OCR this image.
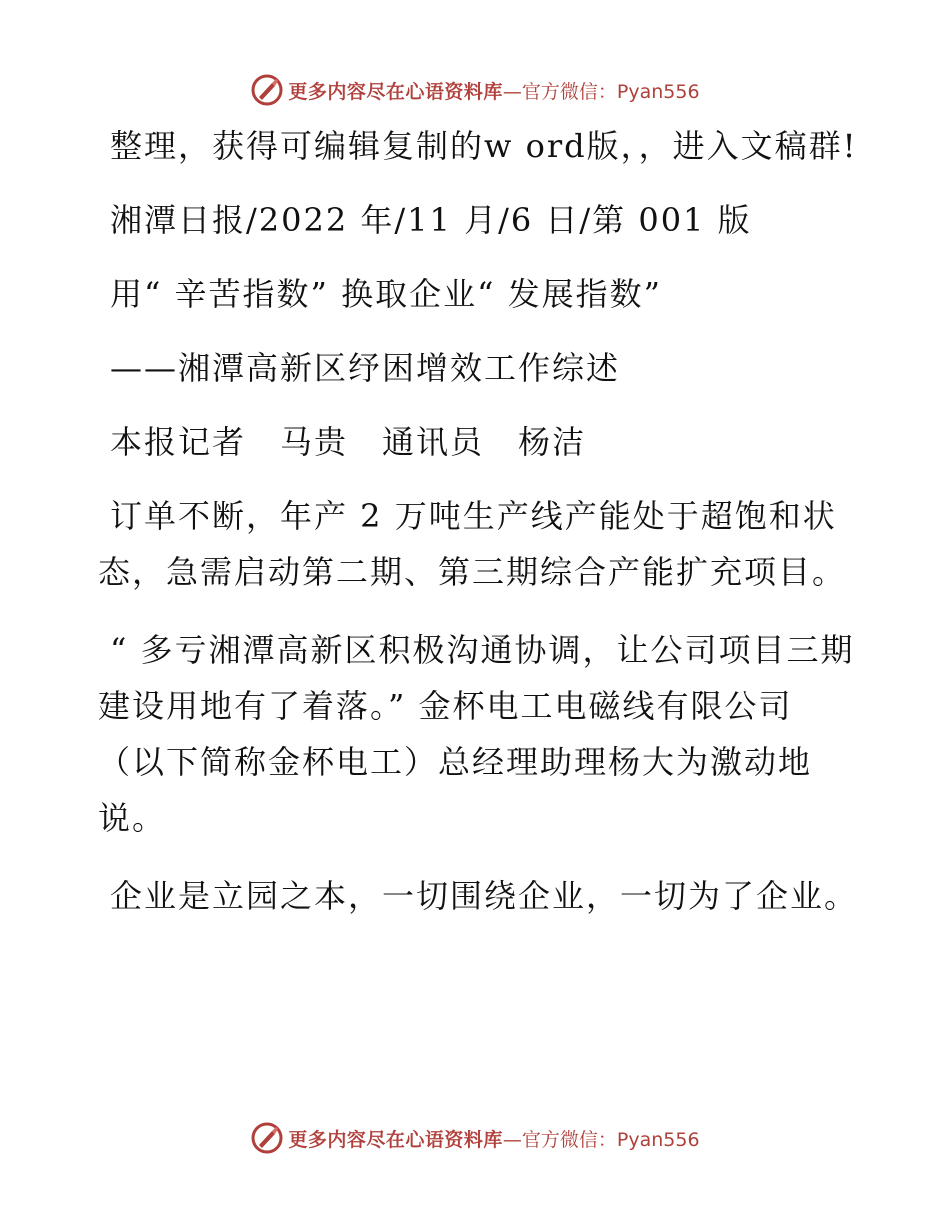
更多内容尽在心语资料库 —官方微信：Pyan556

整理，获得可编辑复制的w ord版，，进入文稿群!

湘潭日报/2022 年/11 月/6 日/第 001 版

用“ 辛苦指数” 换取企业“ 发展指数”

——湘潭高新区纾困增效工作综述

本报记者　马贵　通讯员　杨洁

订单不断，年产 2 万吨生产线产能处于超饱和状态，急需启动第二期、第三期综合产能扩充项目。

“ 多亏湘潭高新区积极沟通协调，让公司项目三期建设用地有了着落。” 金杯电工电磁线有限公司（以下简称金杯电工）总经理助理杨大为激动地说。

企业是立园之本，一切围绕企业，一切为了企业。

更多内容尽在心语资料库 —官方微信：Pyan556
